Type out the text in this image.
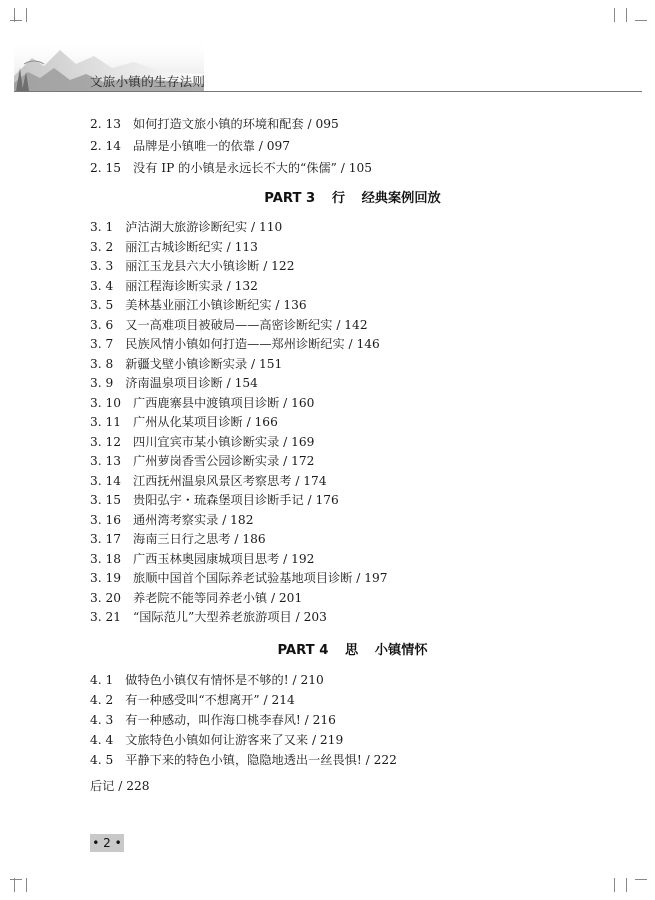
文旅小镇的生存法则
2. 13 如何打造文旅小镇的环境和配套 / 095
2. 14 品牌是小镇唯一的依靠 / 097
2. 15 没有 IP 的小镇是永远长不大的“侏儒” / 105
PART 3 行 经典案例回放
3. 1 泸沽湖大旅游诊断纪实 / 110
3. 2 丽江古城诊断纪实 / 113
3. 3 丽江玉龙县六大小镇诊断 / 122
3. 4 丽江程海诊断实录 / 132
3. 5 美林基业丽江小镇诊断纪实 / 136
3. 6 又一高难项目被破局——高密诊断纪实 / 142
3. 7 民族风情小镇如何打造——郑州诊断纪实 / 146
3. 8 新疆戈壁小镇诊断实录 / 151
3. 9 济南温泉项目诊断 / 154
3. 10 广西鹿寨县中渡镇项目诊断 / 160
3. 11 广州从化某项目诊断 / 166
3. 12 四川宜宾市某小镇诊断实录 / 169
3. 13 广州萝岗香雪公园诊断实录 / 172
3. 14 江西抚州温泉风景区考察思考 / 174
3. 15 贵阳弘宇・琉森堡项目诊断手记 / 176
3. 16 通州湾考察实录 / 182
3. 17 海南三日行之思考 / 186
3. 18 广西玉林奥园康城项目思考 / 192
3. 19 旅顺中国首个国际养老试验基地项目诊断 / 197
3. 20 养老院不能等同养老小镇 / 201
3. 21 “国际范儿”大型养老旅游项目 / 203
PART 4 思 小镇情怀
4. 1 做特色小镇仅有情怀是不够的! / 210
4. 2 有一种感受叫“不想离开” / 214
4. 3 有一种感动，叫作海口桃李春风! / 216
4. 4 文旅特色小镇如何让游客来了又来 / 219
4. 5 平静下来的特色小镇，隐隐地透出一丝畏惧! / 222
后记 / 228
• 2 •
